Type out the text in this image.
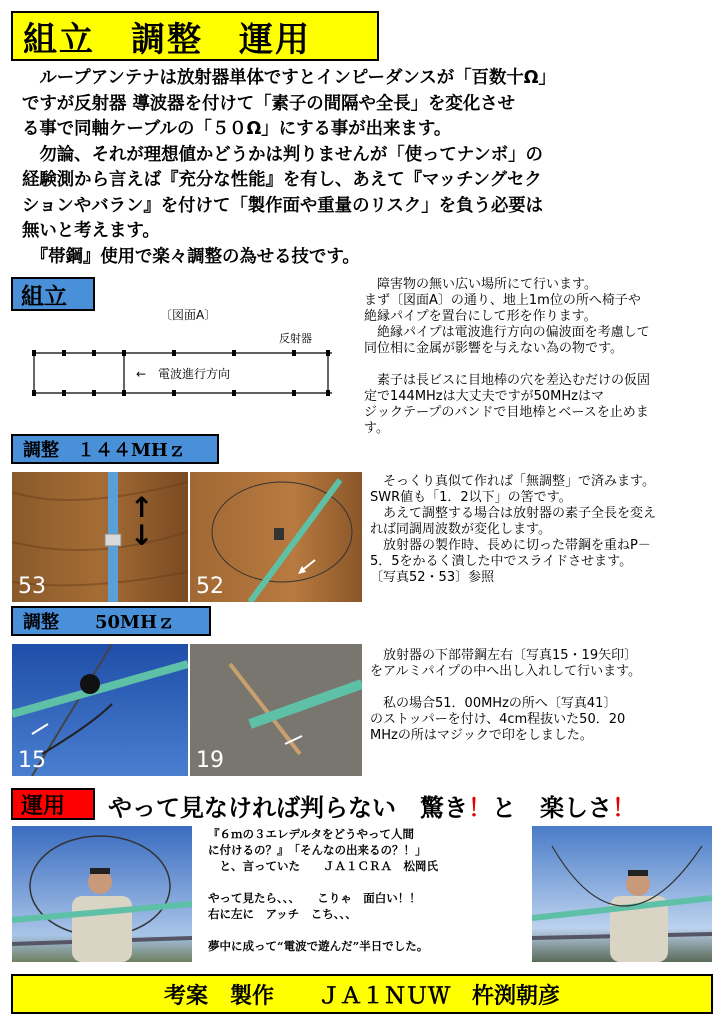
組立　調整　運用

　ループアンテナは放射器単体ですとインピーダンスが「百数十Ω」

ですが反射器 導波器を付けて「素子の間隔や全長」を変化させ

る事で同軸ケーブルの「５０Ω」にする事が出来ます。

　勿論、それが理想値かどうかは判りませんが「使ってナンボ」の

経験測から言えば『充分な性能』を有し、あえて『マッチングセク

ションやバラン』を付けて「製作面や重量のリスク」を負う必要は

無いと考えます。

　『帯鋼』使用で楽々調整の為せる技です。

組立
〔図面A〕
反射器
←　電波進行方向

　障害物の無い広い場所にて行います。

まず〔図面A〕の通り、地上1m位の所へ椅子や

絶縁パイプを置台にして形を作ります。

　絶縁パイプは電波進行方向の偏波面を考慮して

同位相に金属が影響を与えない為の物です。

　素子は長ビスに目地棒の穴を差込むだけの仮固

定で144MHzは大丈夫ですが50MHzはマ

ジックテープのバンドで目地棒とベースを止めま

す。

調整　１４４MHｚ
53
↑
↓
52

　そっくり真似て作れば「無調整」で済みます。

SWR値も「1．2以下」の筈です。

　あえて調整する場合は放射器の素子全長を変え

れば同調周波数が変化します。

　放射器の製作時、長めに切った帯鋼を重ねP－

5．5をかるく潰した中でスライドさせます。

〔写真52・53〕参照

調整　　50MHｚ
15	19

　放射器の下部帯鋼左右〔写真15・19矢印〕

をアルミパイプの中へ出し入れして行います。

　私の場合51．00MHzの所へ〔写真41〕

のストッパーを付け、4cm程抜いた50．20

MHzの所はマジックで印をしました。

運用	やって見なければ判らない　驚き！と　楽しさ！

『６ｍの３エレデルタをどうやって人間

に付けるの？』　「そんなの出来るの？！」

　と、言っていた　　ＪＡ１ＣＲＡ　松岡氏

やって見たら、、、　　こりゃ　面白い！！

右に左に　アッチ　こち、、、

夢中に成って“電波で遊んだ”半日でした。

考案　製作　　ＪＡ１ＮＵＷ　杵渕朝彦
